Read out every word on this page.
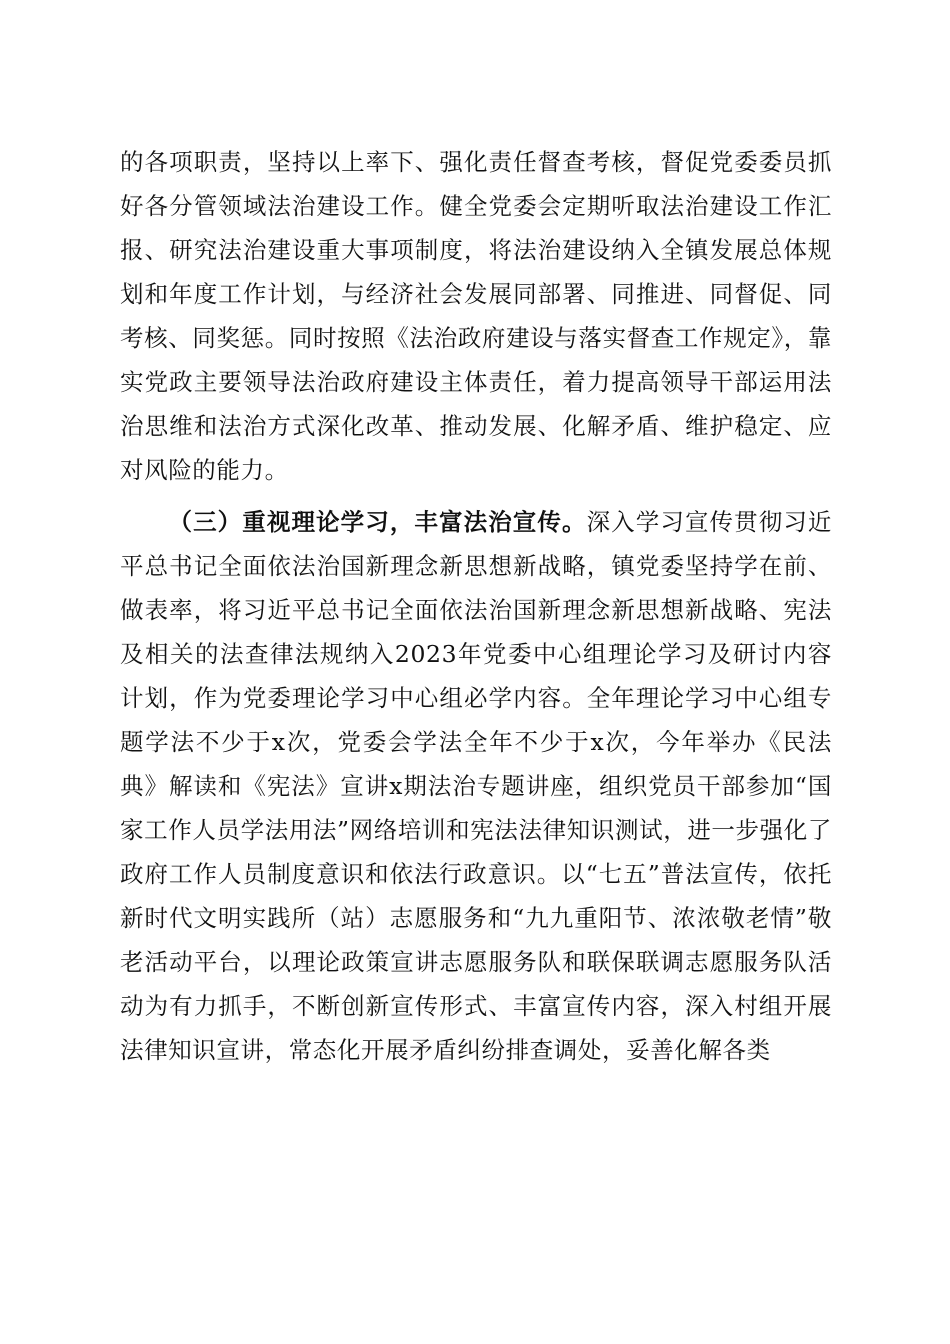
的各项职责，坚持以上率下、强化责任督查考核，督促党委委员抓好各分管领域法治建设工作。健全党委会定期听取法治建设工作汇报、研究法治建设重大事项制度，将法治建设纳入全镇发展总体规划和年度工作计划，与经济社会发展同部署、同推进、同督促、同考核、同奖惩。同时按照《法治政府建设与落实督查工作规定》，靠实党政主要领导法治政府建设主体责任，着力提高领导干部运用法治思维和法治方式深化改革、推动发展、化解矛盾、维护稳定、应对风险的能力。

（三）重视理论学习，丰富法治宣传。深入学习宣传贯彻习近平总书记全面依法治国新理念新思想新战略，镇党委坚持学在前、做表率，将习近平总书记全面依法治国新理念新思想新战略、宪法及相关的法查律法规纳入2023年党委中心组理论学习及研讨内容计划，作为党委理论学习中心组必学内容。全年理论学习中心组专题学法不少于x次，党委会学法全年不少于x次，今年举办《民法典》解读和《宪法》宣讲x期法治专题讲座，组织党员干部参加“国家工作人员学法用法”网络培训和宪法法律知识测试，进一步强化了政府工作人员制度意识和依法行政意识。以“七五”普法宣传，依托新时代文明实践所（站）志愿服务和“九九重阳节、浓浓敬老情”敬老活动平台，以理论政策宣讲志愿服务队和联保联调志愿服务队活动为有力抓手，不断创新宣传形式、丰富宣传内容，深入村组开展法律知识宣讲，常态化开展矛盾纠纷排查调处，妥善化解各类
